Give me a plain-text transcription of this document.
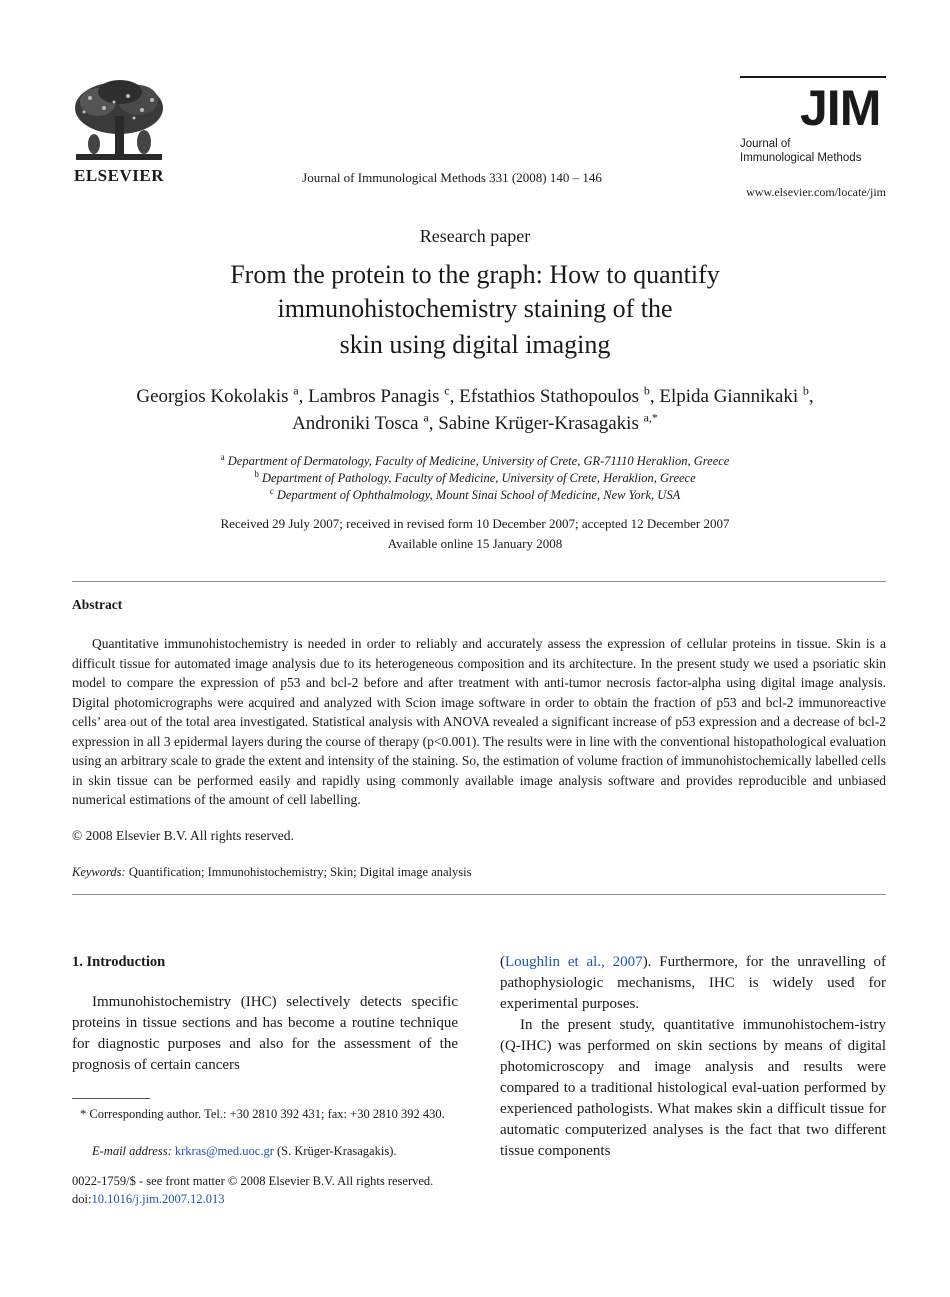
ELSEVIER	Journal of Immunological Methods 331 (2008) 140 – 146
JIM
Journal of
Immunological Methods
www.elsevier.com/locate/jim
Research paper
From the protein to the graph: How to quantify
immunohistochemistry staining of the
skin using digital imaging
Georgios Kokolakis $^a$, Lambros Panagis $^c$, Efstathios Stathopoulos $^b$, Elpida Giannikaki $^b$,
Androniki Tosca $^a$, Sabine Krüger-Krasagakis $^{a,*}$
$^a$ Department of Dermatology, Faculty of Medicine, University of Crete, GR-71110 Heraklion, Greece
$^b$ Department of Pathology, Faculty of Medicine, University of Crete, Heraklion, Greece
$^c$ Department of Ophthalmology, Mount Sinai School of Medicine, New York, USA
Received 29 July 2007; received in revised form 10 December 2007; accepted 12 December 2007
Available online 15 January 2008
Abstract
Quantitative immunohistochemistry is needed in order to reliably and accurately assess the expression of cellular proteins in tissue. Skin is a difficult tissue for automated image analysis due to its heterogeneous composition and its architecture. In the present study we used a psoriatic skin model to compare the expression of p53 and bcl-2 before and after treatment with anti-tumor necrosis factor-alpha using digital image analysis. Digital photomicrographs were acquired and analyzed with Scion image software in order to obtain the fraction of p53 and bcl-2 immunoreactive cells’ area out of the total area investigated. Statistical analysis with ANOVA revealed a significant increase of p53 expression and a decrease of bcl-2 expression in all 3 epidermal layers during the course of therapy (p<0.001). The results were in line with the conventional histopathological evaluation using an arbitrary scale to grade the extent and intensity of the staining. So, the estimation of volume fraction of immunohistochemically labelled cells in skin tissue can be performed easily and rapidly using commonly available image analysis software and provides reproducible and unbiased numerical estimations of the amount of cell labelling.
© 2008 Elsevier B.V. All rights reserved.
Keywords: Quantification; Immunohistochemistry; Skin; Digital image analysis
1. Introduction
Immunohistochemistry (IHC) selectively detects specific proteins in tissue sections and has become a routine technique for diagnostic purposes and also for the assessment of the prognosis of certain cancers
(Loughlin et al., 2007). Furthermore, for the unravelling of pathophysiologic mechanisms, IHC is widely used for experimental purposes.
In the present study, quantitative immunohistochem-istry (Q-IHC) was performed on skin sections by means of digital photomicroscopy and image analysis and results were compared to a traditional histological eval-uation performed by experienced pathologists. What makes skin a difficult tissue for automatic computerized analyses is the fact that two different tissue components
* Corresponding author. Tel.: +30 2810 392 431; fax: +30 2810 392 430.
E-mail address: krkras@med.uoc.gr (S. Krüger-Krasagakis).
0022-1759/$ - see front matter © 2008 Elsevier B.V. All rights reserved.
doi:10.1016/j.jim.2007.12.013
